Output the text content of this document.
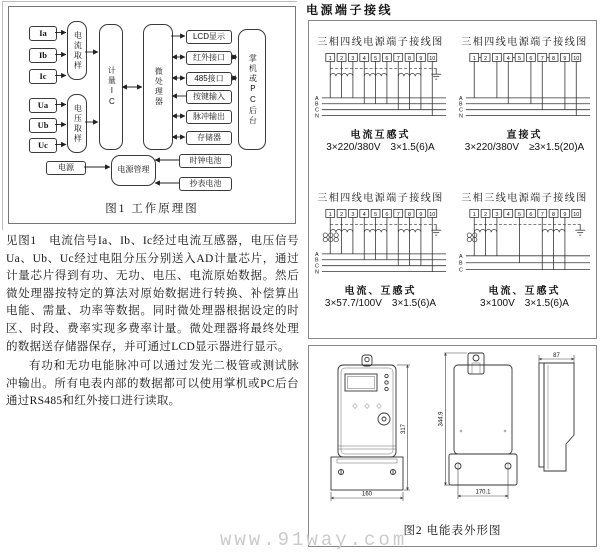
Ia
Ib
Ic
电流取样
Ua
Ub
Uc
电压取样
计量IC	微处理器
LCD显示
红外接口
485接口
按键输入
脉冲输出
存储器
掌机或PC后台
时钟电池
抄表电池
电源管理
电源
图1 工作原理图

见图1　电流信号Ia、Ib、Ic经过电流互感器，电压信号Ua、Ub、Uc经过电阻分压分别送入AD计量芯片，通过计量芯片得到有功、无功、电压、电流原始数据。然后微处理器按特定的算法对原始数据进行转换、补偿算出电能、需量、功率等数据。同时微处理器根据设定的时区、时段、费率实现多费率计量。微处理器将最终处理的数据送存储器保存，并可通过LCD显示器进行显示。

有功和无功电能脉冲可以通过发光二极管或测试脉冲输出。所有电表内部的数据都可以使用掌机或PC后台通过RS485和红外接口进行读取。

电源端子接线
三相四线电源端子接线图
1 2 3 4 5 6 7 8 9 10
A
B
C
N
电流互感式
3×220/380V 3×1.5(6)A
三相四线电源端子接线图
1 2 3 4 5 6 7 8 9 10
A
B
C
N
直接式
3×220/380V ≥3×1.5(20)A
三相四线电源端子接线图
1 2 3 4 5 6 7 8 9 10
A
B
C
N
电流、互感式
3×57.7/100V 3×1.5(6)A
三相三线电源端子接线图
1 2 3 4 5 6 7 8 9 10
A
B
C
电流、互感式
3×100V 3×1.5(6)A
160
317
344.9
170.1
87
图2 电能表外形图
www.91way.com
